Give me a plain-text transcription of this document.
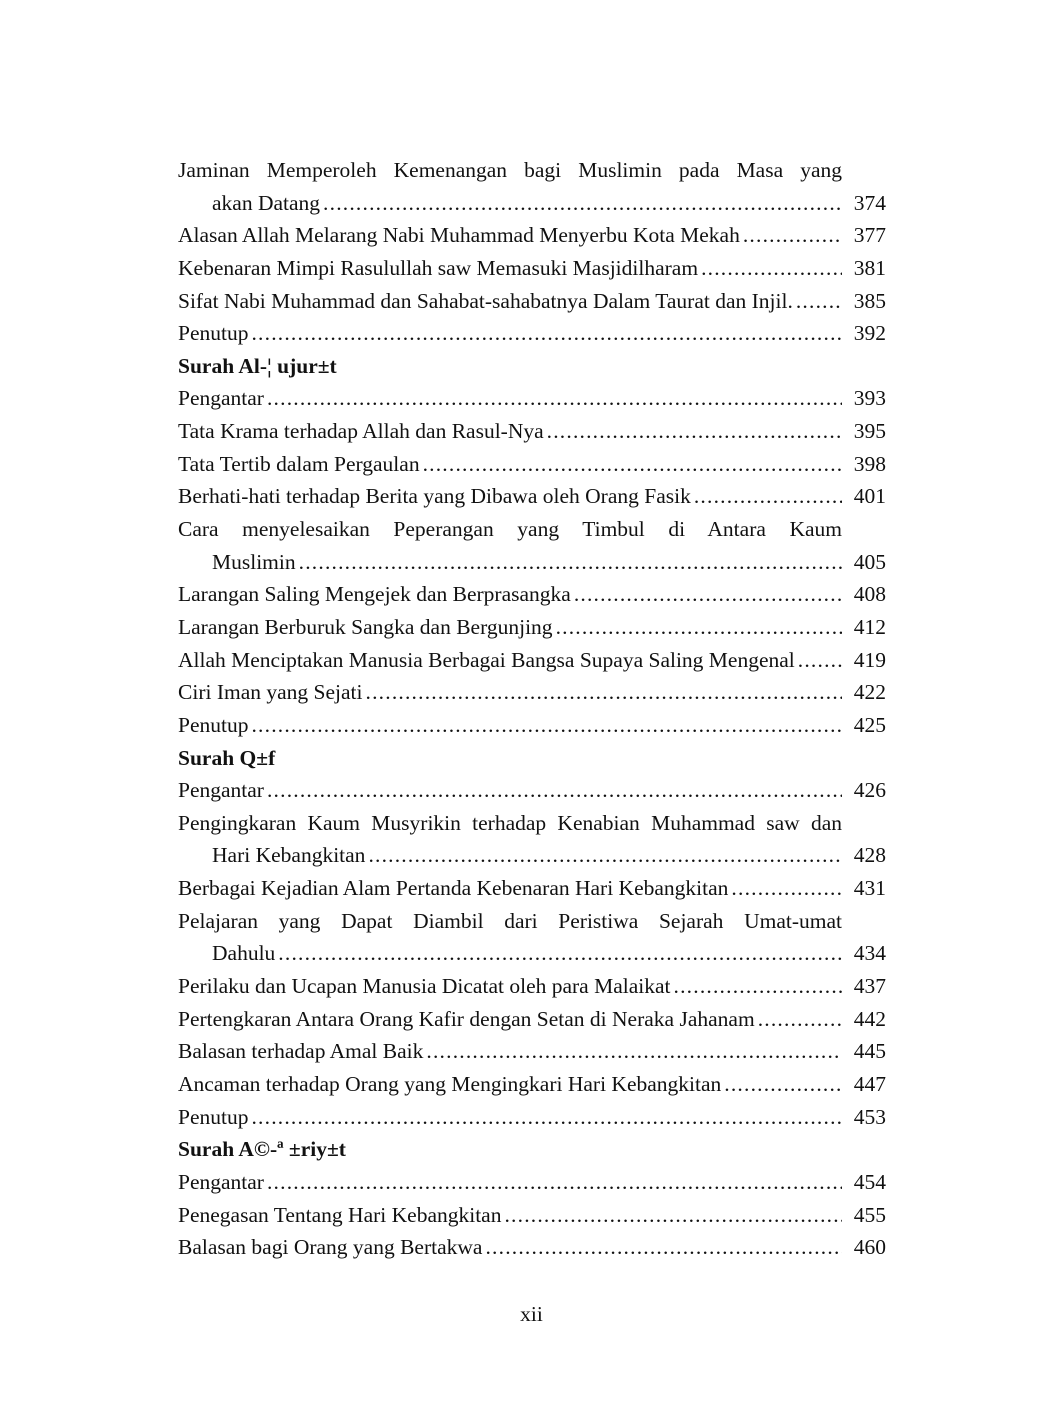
Jaminan Memperoleh Kemenangan bagi Muslimin pada Masa yang
akan Datang .....	374
Alasan Allah Melarang Nabi Muhammad Menyerbu Kota Mekah .....	377
Kebenaran Mimpi Rasulullah saw Memasuki Masjidilharam .....	381
Sifat Nabi Muhammad dan Sahabat-sahabatnya Dalam Taurat dan Injil. .....	385
Penutup .....	392
Surah Al-¦ ujur±t
Pengantar .....	393
Tata Krama terhadap Allah dan Rasul-Nya .....	395
Tata Tertib dalam Pergaulan .....	398
Berhati-hati terhadap Berita yang Dibawa oleh Orang Fasik .....	401
Cara menyelesaikan Peperangan yang Timbul di Antara Kaum
Muslimin .....	405
Larangan Saling Mengejek dan Berprasangka .....	408
Larangan Berburuk Sangka dan Bergunjing .....	412
Allah Menciptakan Manusia Berbagai Bangsa Supaya Saling Mengenal .....	419
Ciri Iman yang Sejati .....	422
Penutup .....	425
Surah Q±f
Pengantar .....	426
Pengingkaran Kaum Musyrikin terhadap Kenabian Muhammad saw dan
Hari Kebangkitan .....	428
Berbagai Kejadian Alam Pertanda Kebenaran Hari Kebangkitan .....	431
Pelajaran yang Dapat Diambil dari Peristiwa Sejarah Umat-umat
Dahulu .....	434
Perilaku dan Ucapan Manusia Dicatat oleh para Malaikat .....	437
Pertengkaran Antara Orang Kafir dengan Setan di Neraka Jahanam .....	442
Balasan terhadap Amal Baik .....	445
Ancaman terhadap Orang yang Mengingkari Hari Kebangkitan .....	447
Penutup .....	453
Surah A©-ª ±riy±t
Pengantar .....	454
Penegasan Tentang Hari Kebangkitan .....	455
Balasan bagi Orang yang Bertakwa .....	460
xii
